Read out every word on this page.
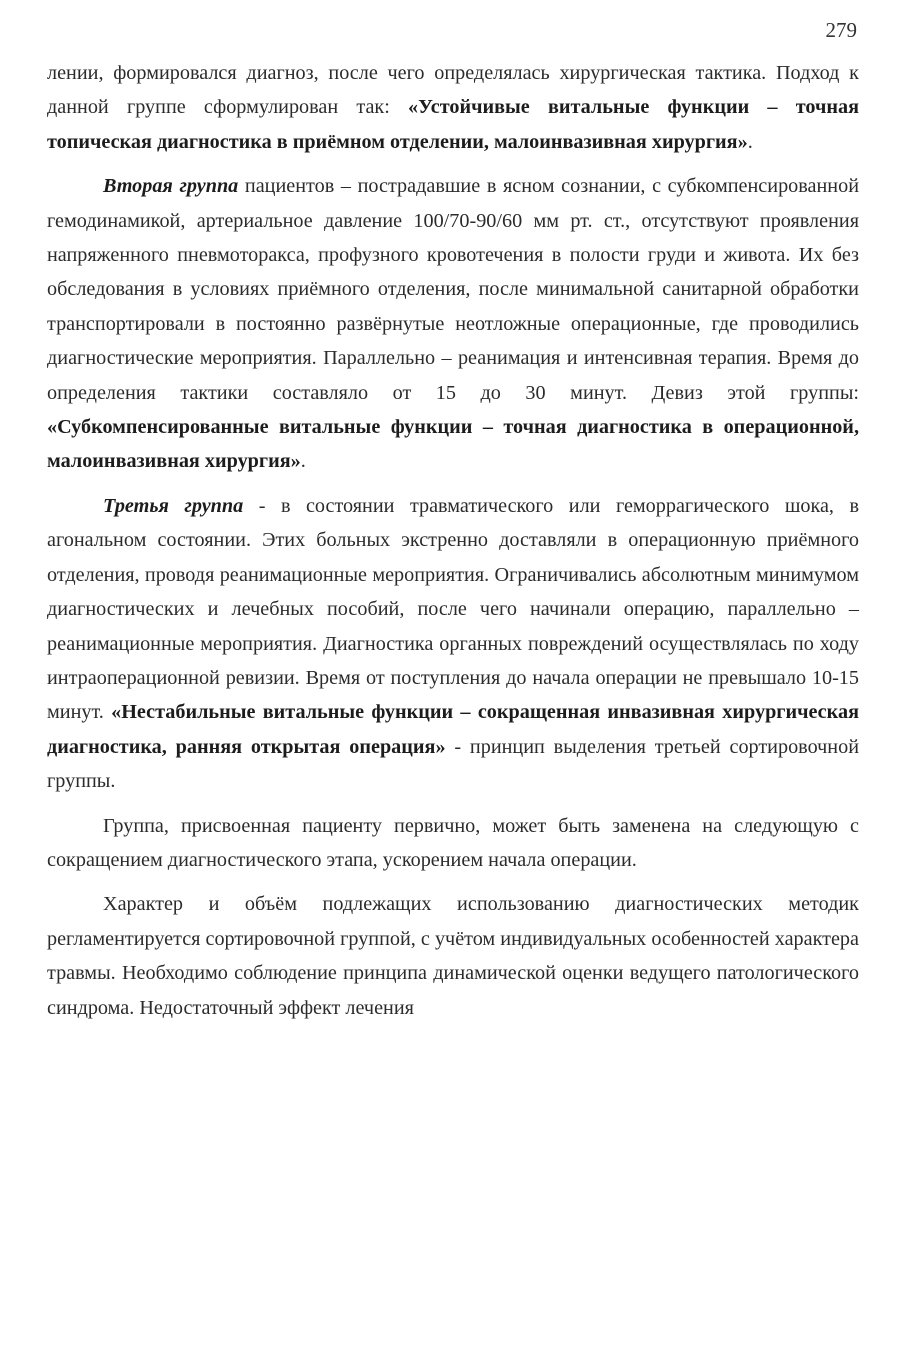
279

лении, формировался диагноз, после чего определялась хирургическая тактика. Подход к данной группе сформулирован так: «Устойчивые витальные функции – точная топическая диагностика в приёмном отделении, малоинвазивная хирургия».

Вторая группа пациентов – пострадавшие в ясном сознании, с субкомпенсированной гемодинамикой, артериальное давление 100/70-90/60 мм рт. ст., отсутствуют проявления напряженного пневмоторакса, профузного кровотечения в полости груди и живота. Их без обследования в условиях приёмного отделения, после минимальной санитарной обработки транспортировали в постоянно развёрнутые неотложные операционные, где проводились диагностические мероприятия. Параллельно – реанимация и интенсивная терапия. Время до определения тактики составляло от 15 до 30 минут. Девиз этой группы: «Субкомпенсированные витальные функции – точная диагностика в операционной, малоинвазивная хирургия».

Третья группа - в состоянии травматического или геморрагического шока, в агональном состоянии. Этих больных экстренно доставляли в операционную приёмного отделения, проводя реанимационные мероприятия. Ограничивались абсолютным минимумом диагностических и лечебных пособий, после чего начинали операцию, параллельно – реанимационные мероприятия. Диагностика органных повреждений осуществлялась по ходу интраоперационной ревизии. Время от поступления до начала операции не превышало 10-15 минут. «Нестабильные витальные функции – сокращенная инвазивная хирургическая диагностика, ранняя открытая операция» - принцип выделения третьей сортировочной группы.

Группа, присвоенная пациенту первично, может быть заменена на следующую с сокращением диагностического этапа, ускорением начала операции.

Характер и объём подлежащих использованию диагностических методик регламентируется сортировочной группой, с учётом индивидуальных особенностей характера травмы. Необходимо соблюдение принципа динамической оценки ведущего патологического синдрома. Недостаточный эффект лечения
